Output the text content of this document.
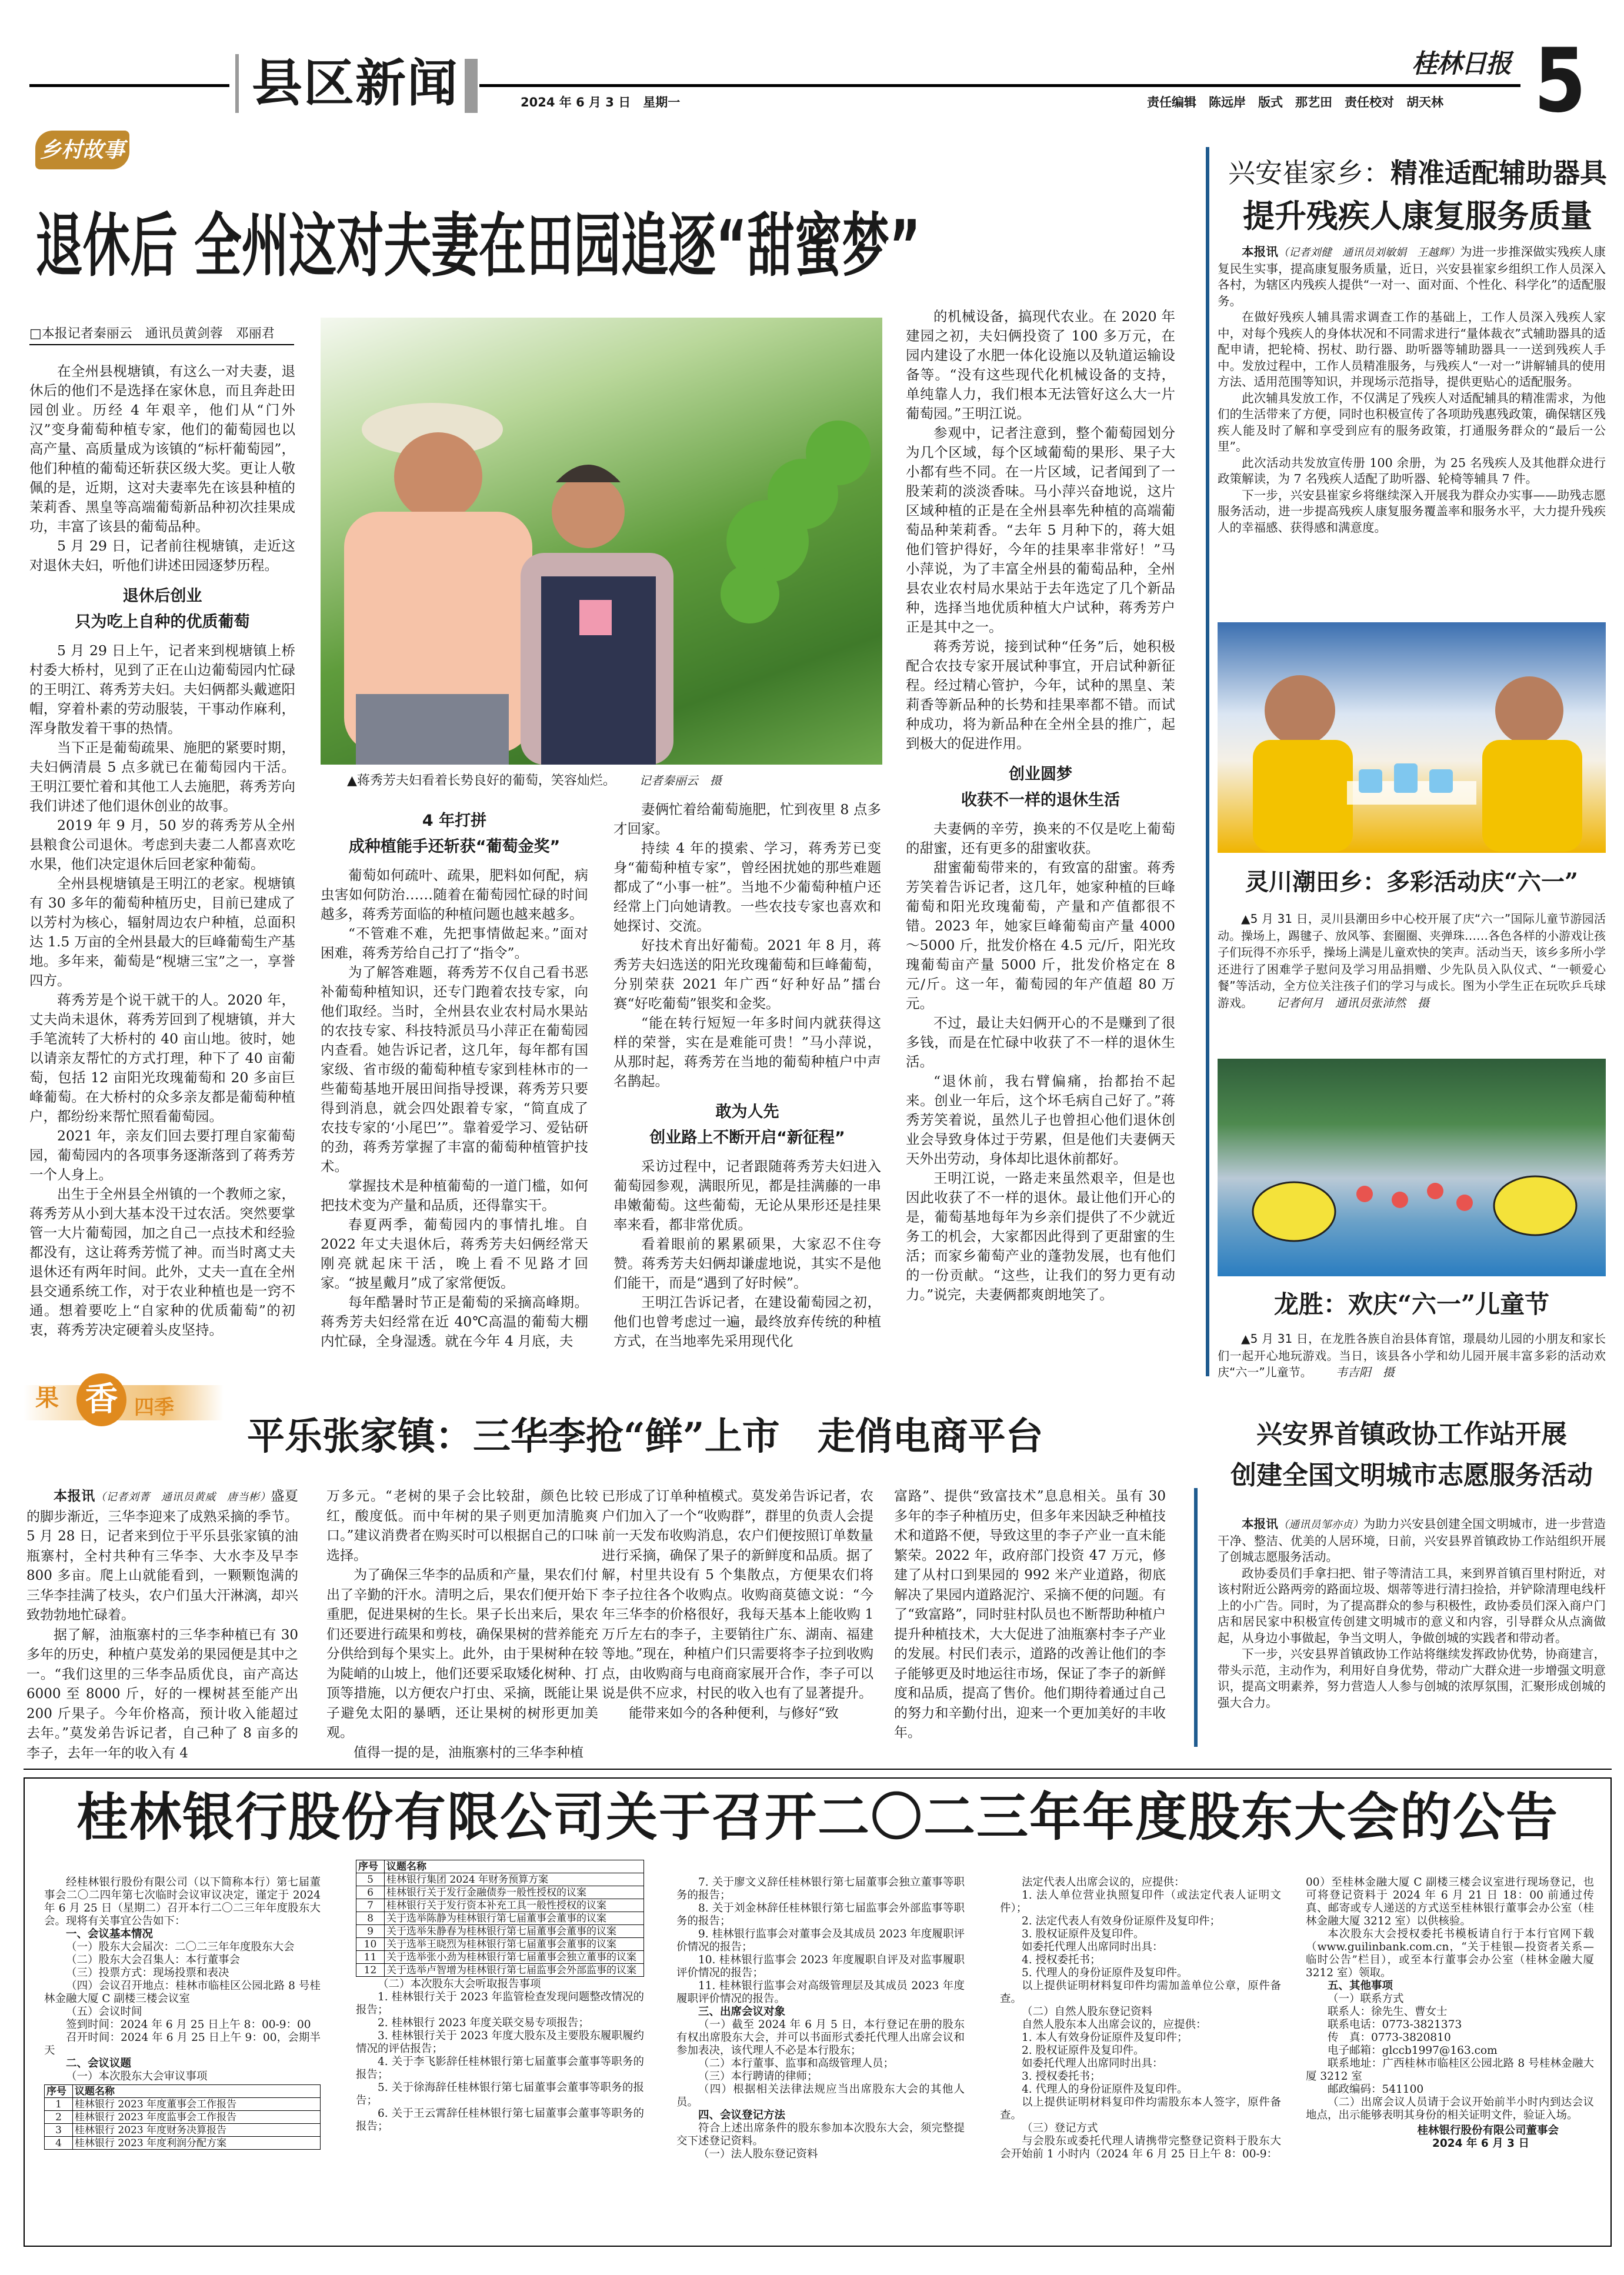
县区新闻	2024 年 6 月 3 日　星期一
桂林日报 5
责任编辑　陈远岸　版式　那艺田　责任校对　胡天林
乡村故事
退休后 全州这对夫妻在田园追逐“甜蜜梦”
□本报记者秦丽云　通讯员黄剑蓉　邓丽君

在全州县枧塘镇，有这么一对夫妻，退休后的他们不是选择在家休息，而且奔赴田园创业。历经 4 年艰辛，他们从“门外汉”变身葡萄种植专家，他们的葡萄园也以高产量、高质量成为该镇的“标杆葡萄园”，他们种植的葡萄还斩获区级大奖。更让人敬佩的是，近期，这对夫妻率先在该县种植的茉莉香、黑皇等高端葡萄新品种初次挂果成功，丰富了该县的葡萄品种。

5 月 29 日，记者前往枧塘镇，走近这对退休夫妇，听他们讲述田园逐梦历程。

退休后创业
只为吃上自种的优质葡萄

5 月 29 日上午，记者来到枧塘镇上桥村委大桥村，见到了正在山边葡萄园内忙碌的王明江、蒋秀芳夫妇。夫妇俩都头戴遮阳帽，穿着朴素的劳动服装，干事动作麻利，浑身散发着干事的热情。

当下正是葡萄疏果、施肥的紧要时期，夫妇俩清晨 5 点多就已在葡萄园内干活。王明江要忙着和其他工人去施肥，蒋秀芳向我们讲述了他们退休创业的故事。

2019 年 9 月，50 岁的蒋秀芳从全州县粮食公司退休。考虑到夫妻二人都喜欢吃水果，他们决定退休后回老家种葡萄。

全州县枧塘镇是王明江的老家。枧塘镇有 30 多年的葡萄种植历史，目前已建成了以芳村为核心，辐射周边农户种植，总面积达 1.5 万亩的全州县最大的巨峰葡萄生产基地。多年来，葡萄是“枧塘三宝”之一，享誉四方。

蒋秀芳是个说干就干的人。2020 年，丈夫尚未退休，蒋秀芳回到了枧塘镇，并大手笔流转了大桥村的 40 亩山地。彼时，她以请亲友帮忙的方式打理，种下了 40 亩葡萄，包括 12 亩阳光玫瑰葡萄和 20 多亩巨峰葡萄。在大桥村的众多亲友都是葡萄种植户，都纷纷来帮忙照看葡萄园。

2021 年，亲友们回去要打理自家葡萄园，葡萄园内的各项事务逐渐落到了蒋秀芳一个人身上。

出生于全州县全州镇的一个教师之家，蒋秀芳从小到大基本没干过农活。突然要掌管一大片葡萄园，加之自己一点技术和经验都没有，这让蒋秀芳慌了神。而当时离丈夫退休还有两年时间。此外，丈夫一直在全州县交通系统工作，对于农业种植也是一窍不通。想着要吃上“自家种的优质葡萄”的初衷，蒋秀芳决定硬着头皮坚持。

▲蒋秀芳夫妇看着长势良好的葡萄，笑容灿烂。 记者秦丽云　摄
4 年打拼
成种植能手还斩获“葡萄金奖”

葡萄如何疏叶、疏果，肥料如何配，病虫害如何防治……随着在葡萄园忙碌的时间越多，蒋秀芳面临的种植问题也越来越多。

“不管难不难，先把事情做起来。”面对困难，蒋秀芳给自己打了“指令”。

为了解答难题，蒋秀芳不仅自己看书恶补葡萄种植知识，还专门跑着农技专家，向他们取经。当时，全州县农业农村局水果站的农技专家、科技特派员马小萍正在葡萄园内查看。她告诉记者，这几年，每年都有国家级、省市级的葡萄种植专家到桂林市的一些葡萄基地开展田间指导授课，蒋秀芳只要得到消息，就会四处跟着专家，“简直成了农技专家的‘小尾巴’”。靠着爱学习、爱钻研的劲，蒋秀芳掌握了丰富的葡萄种植管护技术。

掌握技术是种植葡萄的一道门槛，如何把技术变为产量和品质，还得靠实干。

春夏两季，葡萄园内的事情扎堆。自 2022 年丈夫退休后，蒋秀芳夫妇俩经常天刚亮就起床干活，晚上看不见路才回家。“披星戴月”成了家常便饭。

每年酷暑时节正是葡萄的采摘高峰期。蒋秀芳夫妇经常在近 40℃高温的葡萄大棚内忙碌，全身湿透。就在今年 4 月底，夫

妻俩忙着给葡萄施肥，忙到夜里 8 点多才回家。

持续 4 年的摸索、学习，蒋秀芳已变身“葡萄种植专家”，曾经困扰她的那些难题都成了“小事一桩”。当地不少葡萄种植户还经常上门向她请教。一些农技专家也喜欢和她探讨、交流。

好技术育出好葡萄。2021 年 8 月，蒋秀芳夫妇选送的阳光玫瑰葡萄和巨峰葡萄，分别荣获 2021 年广西“好种好品”擂台赛“好吃葡萄”银奖和金奖。

“能在转行短短一年多时间内就获得这样的荣誉，实在是难能可贵！”马小萍说，从那时起，蒋秀芳在当地的葡萄种植户中声名鹊起。

敢为人先
创业路上不断开启“新征程”

采访过程中，记者跟随蒋秀芳夫妇进入葡萄园参观，满眼所见，都是挂满藤的一串串嫩葡萄。这些葡萄，无论从果形还是挂果率来看，都非常优质。

看着眼前的累累硕果，大家忍不住夸赞。蒋秀芳夫妇俩却谦虚地说，其实不是他们能干，而是“遇到了好时候”。

王明江告诉记者，在建设葡萄园之初，他们也曾考虑过一遍，最终放弃传统的种植方式，在当地率先采用现代化

的机械设备，搞现代农业。在 2020 年建园之初，夫妇俩投资了 100 多万元，在园内建设了水肥一体化设施以及轨道运输设备等。“没有这些现代化机械设备的支持，单纯靠人力，我们根本无法管好这么大一片葡萄园。”王明江说。

参观中，记者注意到，整个葡萄园划分为几个区域，每个区域葡萄的果形、果子大小都有些不同。在一片区域，记者闻到了一股茉莉的淡淡香味。马小萍兴奋地说，这片区域种植的正是在全州县率先种植的高端葡萄品种茉莉香。“去年 5 月种下的，蒋大姐他们管护得好，今年的挂果率非常好！”马小萍说，为了丰富全州县的葡萄品种，全州县农业农村局水果站于去年选定了几个新品种，选择当地优质种植大户试种，蒋秀芳户正是其中之一。

蒋秀芳说，接到试种“任务”后，她积极配合农技专家开展试种事宜，开启试种新征程。经过精心管护，今年，试种的黑皇、茉莉香等新品种的长势和挂果率都不错。而试种成功，将为新品种在全州全县的推广，起到极大的促进作用。

创业圆梦
收获不一样的退休生活

夫妻俩的辛劳，换来的不仅是吃上葡萄的甜蜜，还有更多的甜蜜收获。

甜蜜葡萄带来的，有致富的甜蜜。蒋秀芳笑着告诉记者，这几年，她家种植的巨峰葡萄和阳光玫瑰葡萄，产量和产值都很不错。2023 年，她家巨峰葡萄亩产量 4000～5000 斤，批发价格在 4.5 元/斤，阳光玫瑰葡萄亩产量 5000 斤，批发价格定在 8 元/斤。这一年，葡萄园的年产值超 80 万元。

不过，最让夫妇俩开心的不是赚到了很多钱，而是在忙碌中收获了不一样的退休生活。

“退休前，我右臂偏痛，抬都抬不起来。创业一年后，这个坏毛病自己好了。”蒋秀芳笑着说，虽然儿子也曾担心他们退休创业会导致身体过于劳累，但是他们夫妻俩天天外出劳动，身体却比退休前都好。

王明江说，一路走来虽然艰辛，但是也因此收获了不一样的退休。最让他们开心的是，葡萄基地每年为乡亲们提供了不少就近务工的机会，大家都因此得到了更甜蜜的生活；而家乡葡萄产业的蓬勃发展，也有他们的一份贡献。“这些，让我们的努力更有动力。”说完，夫妻俩都爽朗地笑了。

兴安崔家乡：精准适配辅助器具
提升残疾人康复服务质量

本报讯（记者刘健　通讯员刘敏娟　王越辉）为进一步推深做实残疾人康复民生实事，提高康复服务质量，近日，兴安县崔家乡组织工作人员深入各村，为辖区内残疾人提供“一对一、面对面、个性化、科学化”的适配服务。

在做好残疾人辅具需求调查工作的基础上，工作人员深入残疾人家中，对每个残疾人的身体状况和不同需求进行“量体裁衣”式辅助器具的适配申请，把轮椅、拐杖、助行器、助听器等辅助器具一一送到残疾人手中。发放过程中，工作人员精准服务，与残疾人“一对一”讲解辅具的使用方法、适用范围等知识，并现场示范指导，提供更贴心的适配服务。

此次辅具发放工作，不仅满足了残疾人对适配辅具的精准需求，为他们的生活带来了方便，同时也积极宣传了各项助残惠残政策，确保辖区残疾人能及时了解和享受到应有的服务政策，打通服务群众的“最后一公里”。

此次活动共发放宣传册 100 余册，为 25 名残疾人及其他群众进行政策解读，为 7 名残疾人适配了助听器、轮椅等辅具 7 件。

下一步，兴安县崔家乡将继续深入开展我为群众办实事——助残志愿服务活动，进一步提高残疾人康复服务覆盖率和服务水平，大力提升残疾人的幸福感、获得感和满意度。

灵川潮田乡：多彩活动庆“六一”

▲5 月 31 日，灵川县潮田乡中心校开展了庆“六一”国际儿童节游园活动。操场上，踢毽子、放风筝、套圈圈、夹弹珠……各色各样的小游戏让孩子们玩得不亦乐乎，操场上满是儿童欢快的笑声。活动当天，该乡多所小学还进行了困难学子慰问及学习用品捐赠、少先队员入队仪式、“一顿爱心餐”等活动，全方位关注孩子们的学习与成长。图为小学生正在玩吹乒乓球游戏。 记者何月　通讯员张沛然　摄

龙胜：欢庆“六一”儿童节

▲5 月 31 日，在龙胜各族自治县体育馆，璟晨幼儿园的小朋友和家长们一起开心地玩游戏。当日，该县各小学和幼儿园开展丰富多彩的活动欢庆“六一”儿童节。 韦吉阳　摄

兴安界首镇政协工作站开展
创建全国文明城市志愿服务活动

本报讯（通讯员邹亦贞）为助力兴安县创建全国文明城市，进一步营造干净、整洁、优美的人居环境，日前，兴安县界首镇政协工作站组织开展了创城志愿服务活动。

政协委员们手拿扫把、钳子等清洁工具，来到界首镇百里村附近，对该村附近公路两旁的路面垃圾、烟蒂等进行清扫捡拾，并铲除清理电线杆上的小广告。同时，为了提高群众的参与积极性，政协委员们深入商户门店和居民家中积极宣传创建文明城市的意义和内容，引导群众从点滴做起，从身边小事做起，争当文明人，争做创城的实践者和带动者。

下一步，兴安县界首镇政协工作站将继续发挥政协优势，协商建言，带头示范，主动作为，利用好自身优势，带动广大群众进一步增强文明意识，提高文明素养，努力营造人人参与创城的浓厚氛围，汇聚形成创城的强大合力。

果 香 四季
平乐张家镇：三华李抢“鲜”上市　走俏电商平台

本报讯（记者刘菁　通讯员黄威　唐当彬）盛夏的脚步渐近，三华李迎来了成熟采摘的季节。5 月 28 日，记者来到位于平乐县张家镇的油瓶寨村，全村共种有三华李、大水李及早李 800 多亩。爬上山就能看到，一颗颗饱满的三华李挂满了枝头，农户们虽大汗淋漓，却兴致勃勃地忙碌着。

据了解，油瓶寨村的三华李种植已有 30 多年的历史，种植户莫发弟的果园便是其中之一。“我们这里的三华李品质优良，亩产高达 6000 至 8000 斤，好的一棵树甚至能产出 200 斤果子。今年价格高，预计收入能超过去年。”莫发弟告诉记者，自己种了 8 亩多的李子，去年一年的收入有 4

万多元。“老树的果子会比较甜，颜色比较红，酸度低。而中年树的果子则更加清脆爽口。”建议消费者在购买时可以根据自己的口味选择。

为了确保三华李的品质和产量，果农们付出了辛勤的汗水。清明之后，果农们便开始下重肥，促进果树的生长。果子长出来后，果农们还要进行疏果和剪枝，确保果树的营养能充分供给到每个果实上。此外，由于果树种在较为陡峭的山坡上，他们还要采取矮化树种、打顶等措施，以方便农户打虫、采摘，既能让果子避免太阳的暴晒，还让果树的树形更加美观。

值得一提的是，油瓶寨村的三华李种植

已形成了订单种植模式。莫发弟告诉记者，农户们加入了一个“收购群”，群里的负责人会提前一天发布收购消息，农户们便按照订单数量进行采摘，确保了果子的新鲜度和品质。据了解，村里共设有 5 个集散点，方便果农们将李子拉往各个收购点。收购商莫德文说：“今年三华李的价格很好，我每天基本上能收购 1 万斤左右的李子，主要销往广东、湖南、福建等地。”现在，种植户们只需要将李子拉到收购点，由收购商与电商商家展开合作，李子可以说是供不应求，村民的收入也有了显著提升。

能带来如今的各种便利，与修好“致

富路”、提供“致富技术”息息相关。虽有 30 多年的李子种植历史，但多年来因缺乏种植技术和道路不便，导致这里的李子产业一直未能繁荣。2022 年，政府部门投资 47 万元，修建了从村口到果园的 992 米产业道路，彻底解决了果园内道路泥泞、采摘不便的问题。有了“致富路”，同时驻村队员也不断帮助种植户提升种植技术，大大促进了油瓶寨村李子产业的发展。村民们表示，道路的改善让他们的李子能够更及时地运往市场，保证了李子的新鲜度和品质，提高了售价。他们期待着通过自己的努力和辛勤付出，迎来一个更加美好的丰收年。

桂林银行股份有限公司关于召开二〇二三年年度股东大会的公告

经桂林银行股份有限公司（以下简称本行）第七届董事会二〇二四年第七次临时会议审议决定，谨定于 2024 年 6 月 25 日（星期二）召开本行二〇二三年年度股东大会。现将有关事宜公告如下：

一、会议基本情况

（一）股东大会届次：二〇二三年年度股东大会

（二）股东大会召集人：本行董事会

（三）投票方式：现场投票和表决

（四）会议召开地点：桂林市临桂区公园北路 8 号桂林金融大厦 C 副楼三楼会议室

（五）会议时间

签到时间：2024 年 6 月 25 日上午 8：00-9：00

召开时间：2024 年 6 月 25 日上午 9：00，会期半天

二、会议议题

（一）本次股东大会审议事项

序号	议题名称
1	桂林银行 2023 年度董事会工作报告
2	桂林银行 2023 年度监事会工作报告
3	桂林银行 2023 年度财务决算报告
4	桂林银行 2023 年度利润分配方案
序号	议题名称
5	桂林银行集团 2024 年财务预算方案
6	桂林银行关于发行金融债券一般性授权的议案
7	桂林银行关于发行资本补充工具一般性授权的议案
8	关于选举陈静为桂林银行第七届董事会董事的议案
9	关于选举朱静春为桂林银行第七届董事会董事的议案
10	关于选举王晓烈为桂林银行第七届董事会董事的议案
11	关于选举张小劲为桂林银行第七届董事会独立董事的议案
12	关于选举卢智增为桂林银行第七届监事会外部监事的议案

（二）本次股东大会听取报告事项

1. 桂林银行关于 2023 年监管检查发现问题整改情况的报告；

2. 桂林银行 2023 年度关联交易专项报告；

3. 桂林银行关于 2023 年度大股东及主要股东履职履约情况的评估报告；

4. 关于李飞影辞任桂林银行第七届董事会董事等职务的报告；

5. 关于徐海辞任桂林银行第七届董事会董事等职务的报告；

6. 关于王云霄辞任桂林银行第七届董事会董事等职务的报告；

7. 关于廖文义辞任桂林银行第七届董事会独立董事等职务的报告；

8. 关于刘金林辞任桂林银行第七届监事会外部监事等职务的报告；

9. 桂林银行监事会对董事会及其成员 2023 年度履职评价情况的报告；

10. 桂林银行监事会 2023 年度履职自评及对监事履职评价情况的报告；

11. 桂林银行监事会对高级管理层及其成员 2023 年度履职评价情况的报告。

三、出席会议对象

（一）截至 2024 年 6 月 5 日，本行登记在册的股东有权出席股东大会，并可以书面形式委托代理人出席会议和参加表决，该代理人不必是本行股东；

（二）本行董事、监事和高级管理人员；

（三）本行聘请的律师；

（四）根据相关法律法规应当出席股东大会的其他人员。

四、会议登记方法

符合上述出席条件的股东参加本次股东大会，须完整提交下述登记资料。

（一）法人股东登记资料

法定代表人出席会议的，应提供：

1. 法人单位营业执照复印件（或法定代表人证明文件）；

2. 法定代表人有效身份证原件及复印件；

3. 股权证原件及复印件。

如委托代理人出席同时出具：

4. 授权委托书；

5. 代理人的身份证原件及复印件。

以上提供证明材料复印件均需加盖单位公章，原件备查。

（二）自然人股东登记资料

自然人股东本人出席会议的，应提供：

1. 本人有效身份证原件及复印件；

2. 股权证原件及复印件。

如委托代理人出席同时出具：

3. 授权委托书；

4. 代理人的身份证原件及复印件。

以上提供证明材料复印件均需股东本人签字，原件备查。

（三）登记方式

与会股东或委托代理人请携带完整登记资料于股东大会开始前 1 小时内（2024 年 6 月 25 日上午 8：00-9：

00）至桂林金融大厦 C 副楼三楼会议室进行现场登记，也可将登记资料于 2024 年 6 月 21 日 18：00 前通过传真、邮寄或专人递送的方式送至桂林银行董事会办公室（桂林金融大厦 3212 室）以供核验。

本次股东大会授权委托书模板请自行于本行官网下载（www.guilinbank.com.cn，“关于桂银—投资者关系—临时公告”栏目），或至本行董事会办公室（桂林金融大厦 3212 室）领取。

五、其他事项

（一）联系方式

联系人：徐先生、曹女士

联系电话：0773-3821373

传　真：0773-3820810

电子邮箱：glccb1997@163.com

联系地址：广西桂林市临桂区公园北路 8 号桂林金融大厦 3212 室

邮政编码：541100

（二）出席会议人员请于会议开始前半小时内到达会议地点，出示能够表明其身份的相关证明文件，验证入场。

桂林银行股份有限公司董事会

2024 年 6 月 3 日
